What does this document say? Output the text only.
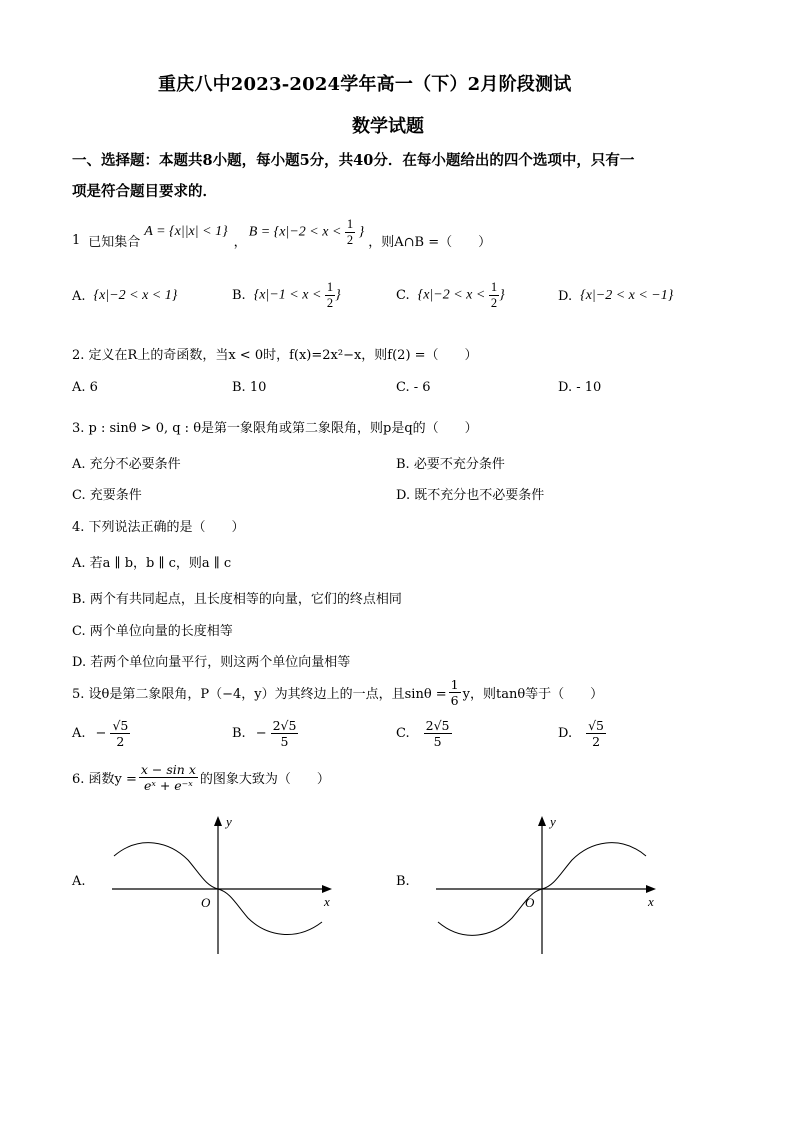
重庆八中2023-2024学年高一（下）2月阶段测试
数学试题
一、选择题：本题共8小题，每小题5分，共40分．在每小题给出的四个选项中，只有一
项是符合题目要求的．
1 已知集合
A = {x||x| < 1}
，
$B = \{x|-2 < x < \frac{1}{2}$ }
，则A∩B =（　　）
A. {x|−2 < x < 1}	B. {$x|-1 < x < \frac{1}{2}$ }	C. {$x|-2 < x < \frac{1}{2}$ }	D. {x|−2 < x < −1}
2. 定义在R上的奇函数，当x < 0时，f(x)=2x²−x，则f(2) =（　　）
A. 6	B. 10	C. - 6	D. - 10
3. p : sinθ > 0, q : θ是第一象限角或第二象限角，则p是q的（　　）
A. 充分不必要条件	B. 必要不充分条件
C. 充要条件	D. 既不充分也不必要条件
4. 下列说法正确的是（　　）
A. 若a ∥ b，b ∥ c，则a ∥ c
B. 两个有共同起点，且长度相等的向量，它们的终点相同
C. 两个单位向量的长度相等
D. 若两个单位向量平行，则这两个单位向量相等
5. 设θ是第二象限角，P（−4，y）为其终边上的一点，且$\sin\theta = \frac{1}{6}$ y，则tanθ等于（　　）
A. − $\frac{√5}{2}$	B. − $\frac{2√5}{5}$	C. $\frac{2√5}{5}$	D. $\frac{√5}{2}$
6. 函数$y = \frac{\text{x − sin x}}{\text{eˣ + e⁻ˣ}}$ 的图象大致为（　　）
A.
y
x
O
B.
y
x
O
